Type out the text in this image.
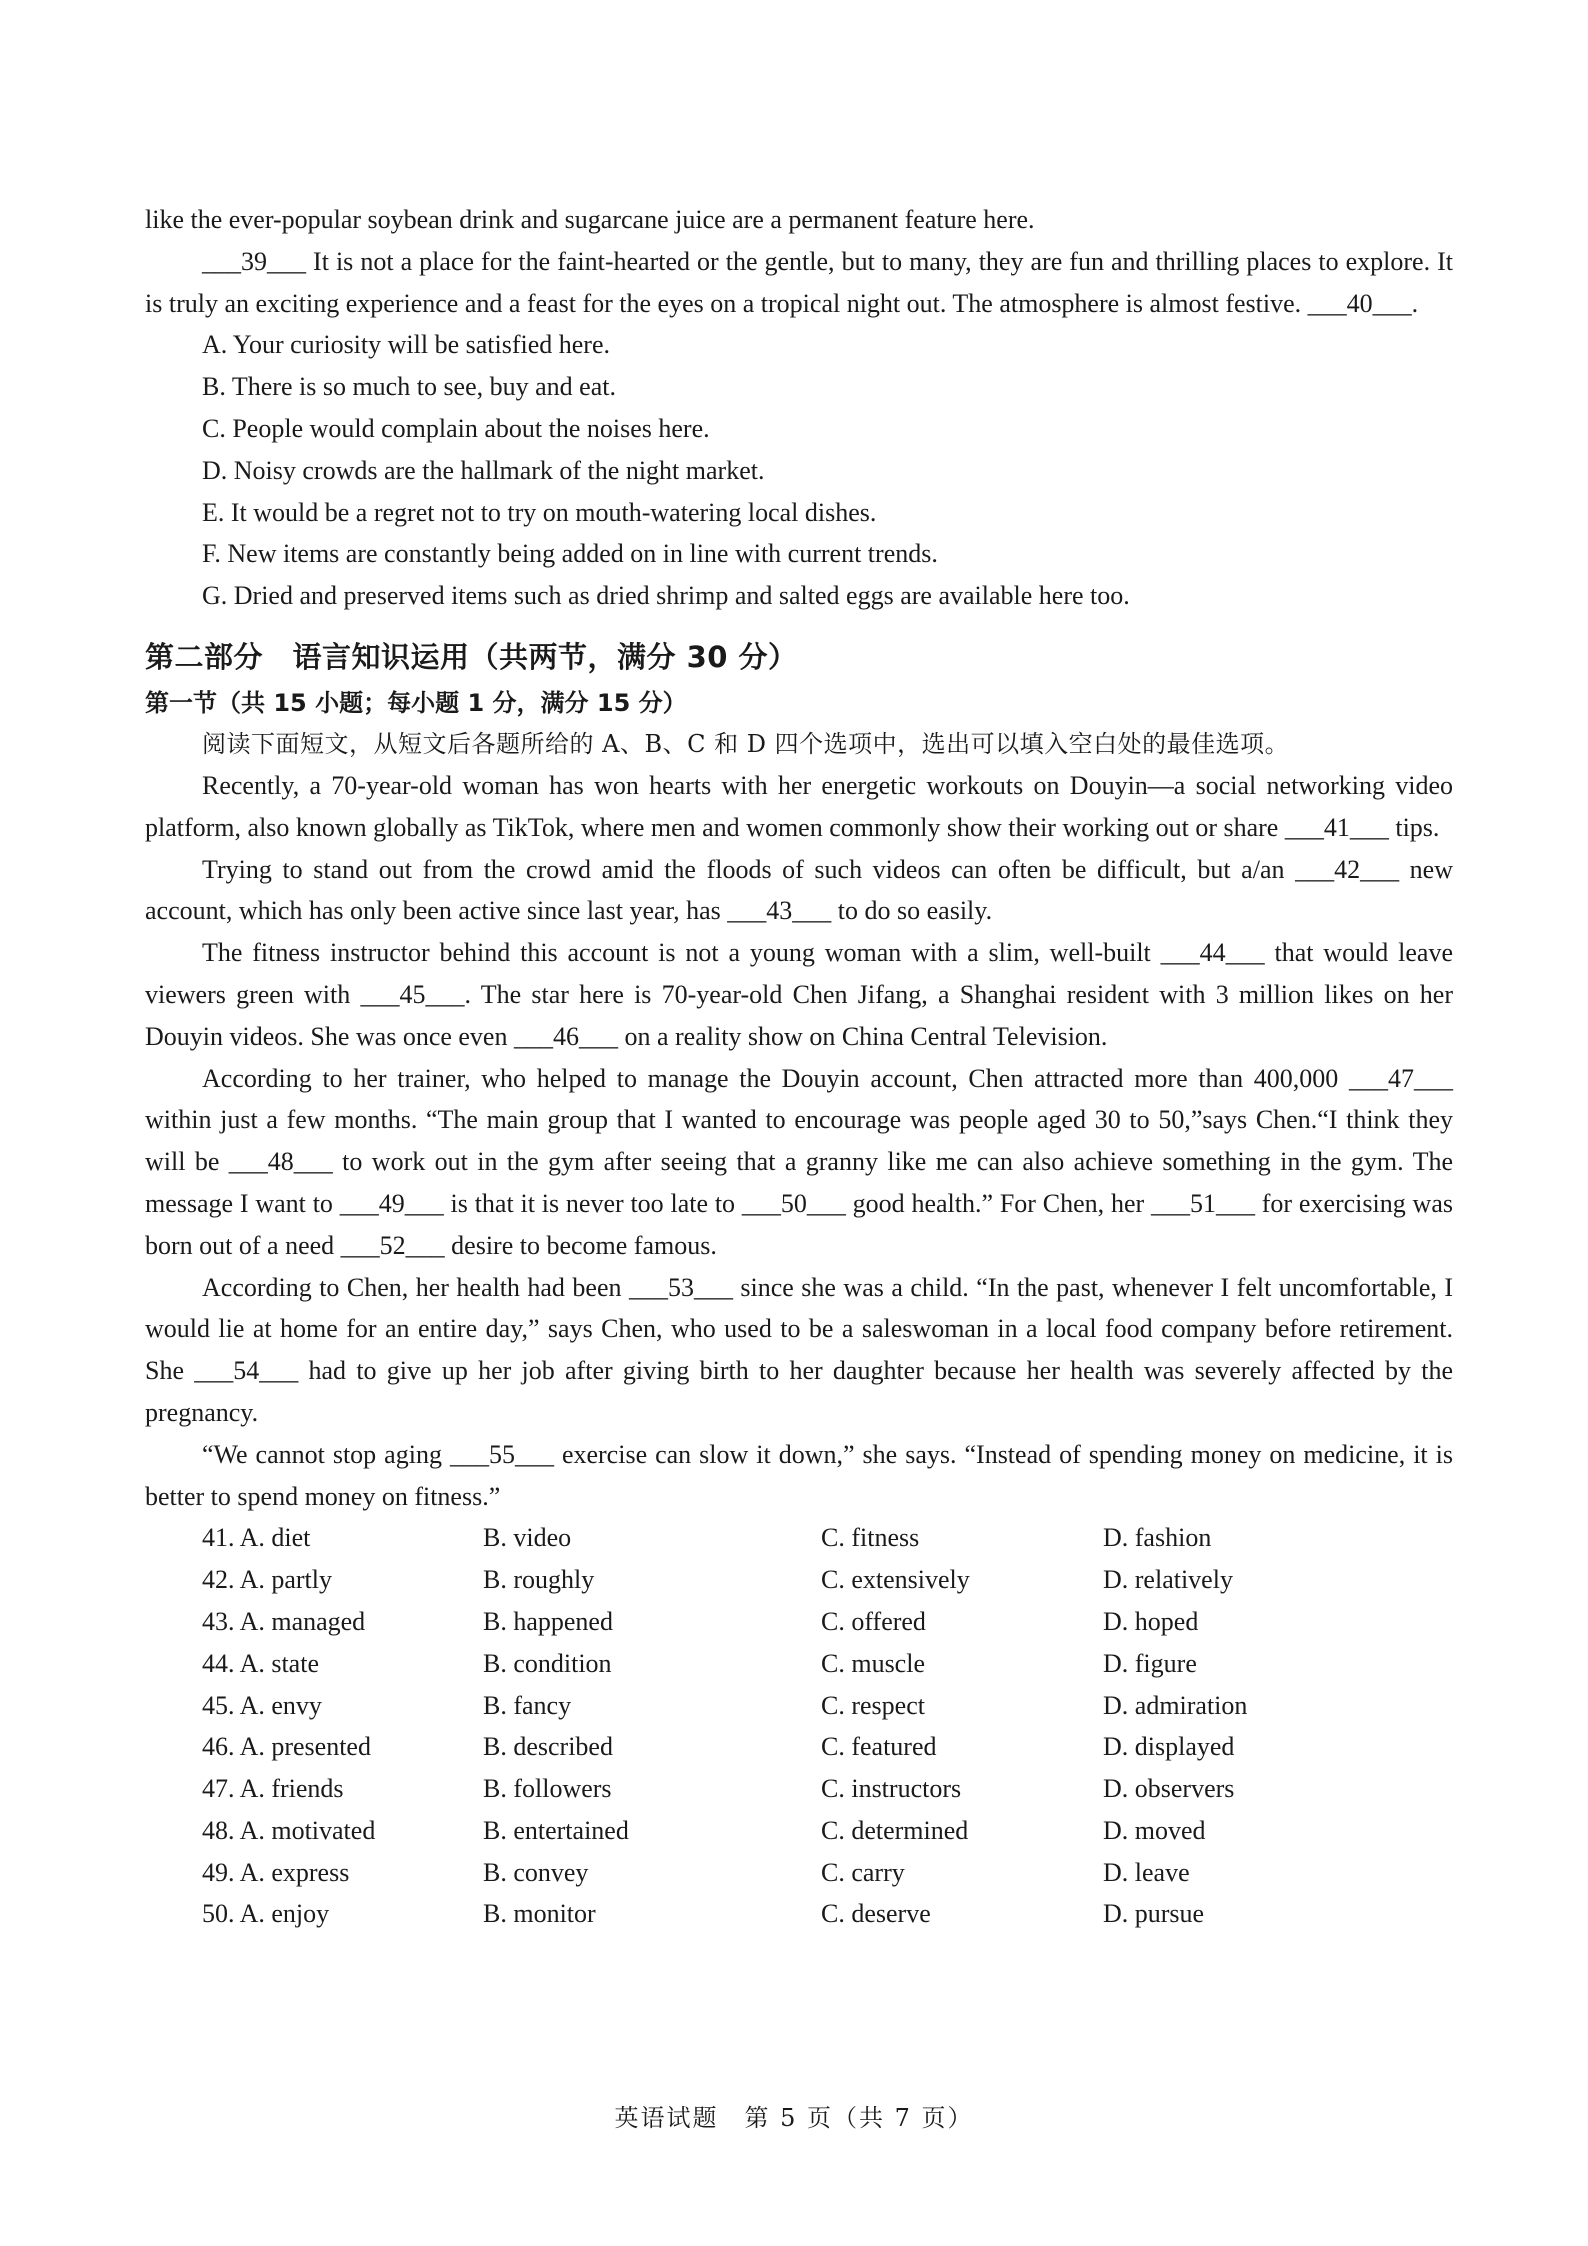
like the ever-popular soybean drink and sugarcane juice are a permanent feature here.

___39___ It is not a place for the faint-hearted or the gentle, but to many, they are fun and thrilling places to explore. It is truly an exciting experience and a feast for the eyes on a tropical night out. The atmosphere is almost festive. ___40___.

A. Your curiosity will be satisfied here.

B. There is so much to see, buy and eat.

C. People would complain about the noises here.

D. Noisy crowds are the hallmark of the night market.

E. It would be a regret not to try on mouth-watering local dishes.

F. New items are constantly being added on in line with current trends.

G. Dried and preserved items such as dried shrimp and salted eggs are available here too.

第二部分　语言知识运用（共两节，满分 30 分）
第一节（共 15 小题；每小题 1 分，满分 15 分）

阅读下面短文，从短文后各题所给的 A、B、C 和 D 四个选项中，选出可以填入空白处的最佳选项。

Recently, a 70-year-old woman has won hearts with her energetic workouts on Douyin—a social networking video platform, also known globally as TikTok, where men and women commonly show their working out or share ___41___ tips.

Trying to stand out from the crowd amid the floods of such videos can often be difficult, but a/an ___42___ new account, which has only been active since last year, has ___43___ to do so easily.

The fitness instructor behind this account is not a young woman with a slim, well-built ___44___ that would leave viewers green with ___45___. The star here is 70-year-old Chen Jifang, a Shanghai resident with 3 million likes on her Douyin videos. She was once even ___46___ on a reality show on China Central Television.

According to her trainer, who helped to manage the Douyin account, Chen attracted more than 400,000 ___47___ within just a few months. “The main group that I wanted to encourage was people aged 30 to 50,”says Chen.“I think they will be ___48___ to work out in the gym after seeing that a granny like me can also achieve something in the gym. The message I want to ___49___ is that it is never too late to ___50___ good health.” For Chen, her ___51___ for exercising was born out of a need ___52___ desire to become famous.

According to Chen, her health had been ___53___ since she was a child. “In the past, whenever I felt uncomfortable, I would lie at home for an entire day,” says Chen, who used to be a saleswoman in a local food company before retirement. She ___54___ had to give up her job after giving birth to her daughter because her health was severely affected by the pregnancy.

“We cannot stop aging ___55___ exercise can slow it down,” she says. “Instead of spending money on medicine, it is better to spend money on fitness.”

41. A. diet	B. video	C. fitness	D. fashion
42. A. partly	B. roughly	C. extensively	D. relatively
43. A. managed	B. happened	C. offered	D. hoped
44. A. state	B. condition	C. muscle	D. figure
45. A. envy	B. fancy	C. respect	D. admiration
46. A. presented	B. described	C. featured	D. displayed
47. A. friends	B. followers	C. instructors	D. observers
48. A. motivated	B. entertained	C. determined	D. moved
49. A. express	B. convey	C. carry	D. leave
50. A. enjoy	B. monitor	C. deserve	D. pursue
英语试题　第 5 页（共 7 页）
